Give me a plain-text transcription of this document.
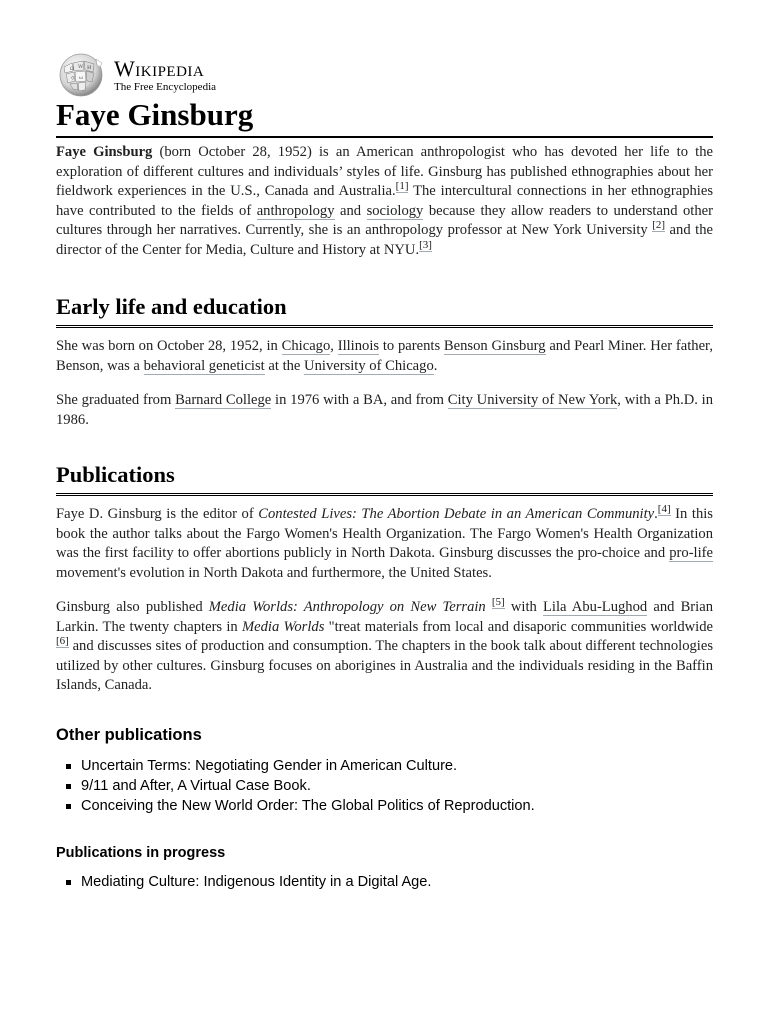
Ω W И
ω
ウ Wikipedia
The Free Encyclopedia
Faye Ginsburg

Faye Ginsburg (born October 28, 1952) is an American anthropologist who has devoted her life to the exploration of different cultures and individuals’ styles of life. Ginsburg has published ethnographies about her fieldwork experiences in the U.S., Canada and Australia.[1] The intercultural connections in her ethnographies have contributed to the fields of anthropology and sociology because they allow readers to understand other cultures through her narratives. Currently, she is an anthropology professor at New York University [2] and the director of the Center for Media, Culture and History at NYU.[3]

Early life and education

She was born on October 28, 1952, in Chicago, Illinois to parents Benson Ginsburg and Pearl Miner. Her father, Benson, was a behavioral geneticist at the University of Chicago.

She graduated from Barnard College in 1976 with a BA, and from City University of New York, with a Ph.D. in 1986.

Publications

Faye D. Ginsburg is the editor of Contested Lives: The Abortion Debate in an American Community.[4] In this book the author talks about the Fargo Women's Health Organization. The Fargo Women's Health Organization was the first facility to offer abortions publicly in North Dakota. Ginsburg discusses the pro-choice and pro-life movement's evolution in North Dakota and furthermore, the United States.

Ginsburg also published Media Worlds: Anthropology on New Terrain [5] with Lila Abu-Lughod and Brian Larkin. The twenty chapters in Media Worlds "treat materials from local and disaporic communities worldwide [6] and discusses sites of production and consumption. The chapters in the book talk about different technologies utilized by other cultures. Ginsburg focuses on aborigines in Australia and the individuals residing in the Baffin Islands, Canada.

Other publications
Uncertain Terms: Negotiating Gender in American Culture.
9/11 and After, A Virtual Case Book.
Conceiving the New World Order: The Global Politics of Reproduction.
Publications in progress
Mediating Culture: Indigenous Identity in a Digital Age.
